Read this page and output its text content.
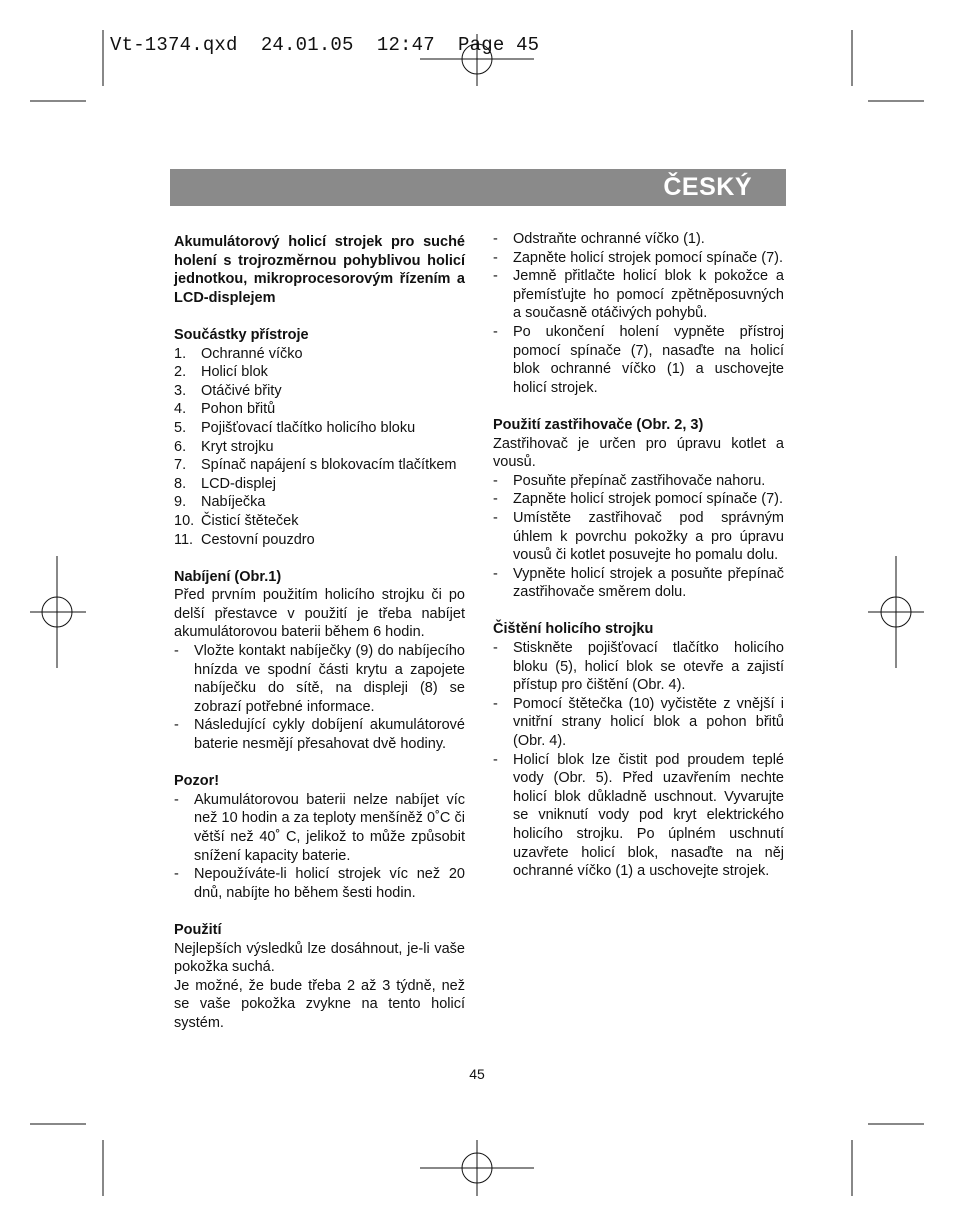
Vt-1374.qxd  24.01.05  12:47  Page 45
ČESKÝ

Akumulátorový holicí strojek pro suché holení s trojrozměrnou pohyblivou holicí jednotkou, mikroprocesorovým řízením a LCD-displejem

Součástky přístroje
1. Ochranné víčko
2. Holicí blok
3. Otáčivé břity
4. Pohon břitů
5. Pojišťovací tlačítko holicího bloku
6. Kryt strojku
7. Spínač napájení s blokovacím tlačítkem
8. LCD-displej
9. Nabíječka
10. Čisticí štěteček
11. Cestovní pouzdro
Nabíjení (Obr.1)

Před prvním použitím holicího strojku či po delší přestavce v použití je třeba nabíjet akumulátorovou baterii během 6 hodin.

- Vložte kontakt nabíječky (9) do nabíjecího hnízda ve spodní části krytu a zapojete nabíječku do sítě, na displeji (8) se zobrazí potřebné informace.
- Následující cykly dobíjení akumulátorové baterie nesmějí přesahovat dvě hodiny.
Pozor!
- Akumulátorovou baterii nelze nabíjet víc než 10 hodin a za teploty menšíněž 0˚C či větší než 40˚ C, jelikož to může způsobit snížení kapacity baterie.
- Nepoužíváte-li holicí strojek víc než 20 dnů, nabíjte ho během šesti hodin.
Použití

Nejlepších výsledků lze dosáhnout, je-li vaše pokožka suchá.

Je možné, že bude třeba 2 až 3 týdně, než se vaše pokožka zvykne na tento holicí systém.

- Odstraňte ochranné víčko (1).
- Zapněte holicí strojek pomocí spínače (7).
- Jemně přitlačte holicí blok k pokožce a přemísťujte ho pomocí zpětněposuvných a současně otáčivých pohybů.
- Po ukončení holení vypněte přístroj pomocí spínače (7), nasaďte na holicí blok ochranné víčko (1) a uschovejte holicí strojek.
Použití zastřihovače (Obr. 2, 3)

Zastřihovač je určen pro úpravu kotlet a vousů.

- Posuňte přepínač zastřihovače nahoru.
- Zapněte holicí strojek pomocí spínače (7).
- Umístěte zastřihovač pod správným úhlem k povrchu pokožky a pro úpravu vousů či kotlet posuvejte ho pomalu dolu.
- Vypněte holicí strojek a posuňte přepínač zastřihovače směrem dolu.
Čištění holicího strojku
- Stiskněte pojišťovací tlačítko holicího bloku (5), holicí blok se otevře a zajistí přístup pro čištění (Obr. 4).
- Pomocí štětečka (10) vyčistěte z vnější i vnitřní strany holicí blok a pohon břitů (Obr. 4).
- Holicí blok lze čistit pod proudem teplé vody (Obr. 5). Před uzavřením nechte holicí blok důkladně uschnout. Vyvarujte se vniknutí vody pod kryt elektrického holicího strojku. Po úplném uschnutí uzavřete holicí blok, nasaďte na něj ochranné víčko (1) a uschovejte strojek.
45
